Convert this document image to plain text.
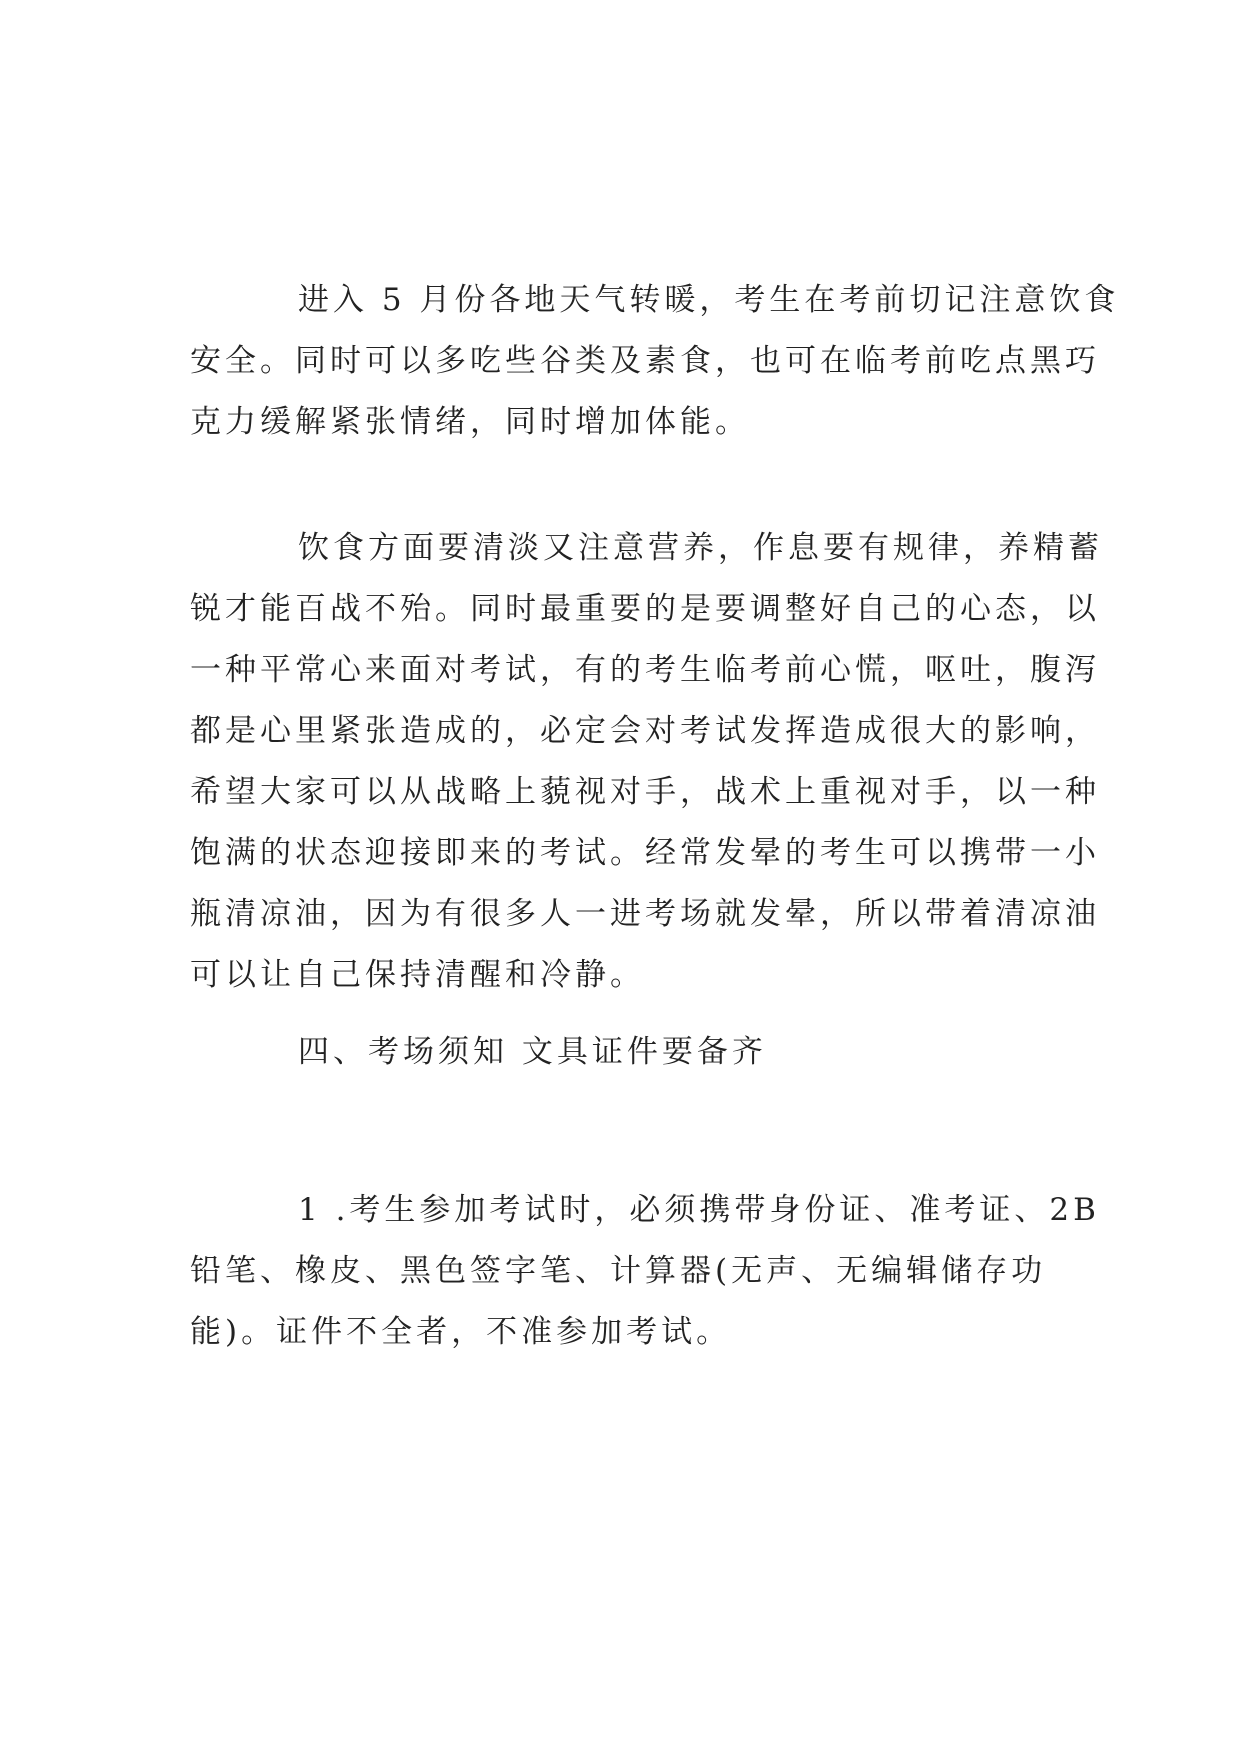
进入 5 月份各地天气转暖，考生在考前切记注意饮食
安全。同时可以多吃些谷类及素食，也可在临考前吃点黑巧
克力缓解紧张情绪，同时增加体能。
饮食方面要清淡又注意营养，作息要有规律，养精蓄
锐才能百战不殆。同时最重要的是要调整好自己的心态，以
一种平常心来面对考试，有的考生临考前心慌，呕吐，腹泻
都是心里紧张造成的，必定会对考试发挥造成很大的影响，
希望大家可以从战略上藐视对手，战术上重视对手，以一种
饱满的状态迎接即来的考试。经常发晕的考生可以携带一小
瓶清凉油，因为有很多人一进考场就发晕，所以带着清凉油
可以让自己保持清醒和冷静。
四、考场须知 文具证件要备齐
1 .考生参加考试时，必须携带身份证、准考证、2B
铅笔、橡皮、黑色签字笔、计算器(无声、无编辑储存功
能)。证件不全者，不准参加考试。
